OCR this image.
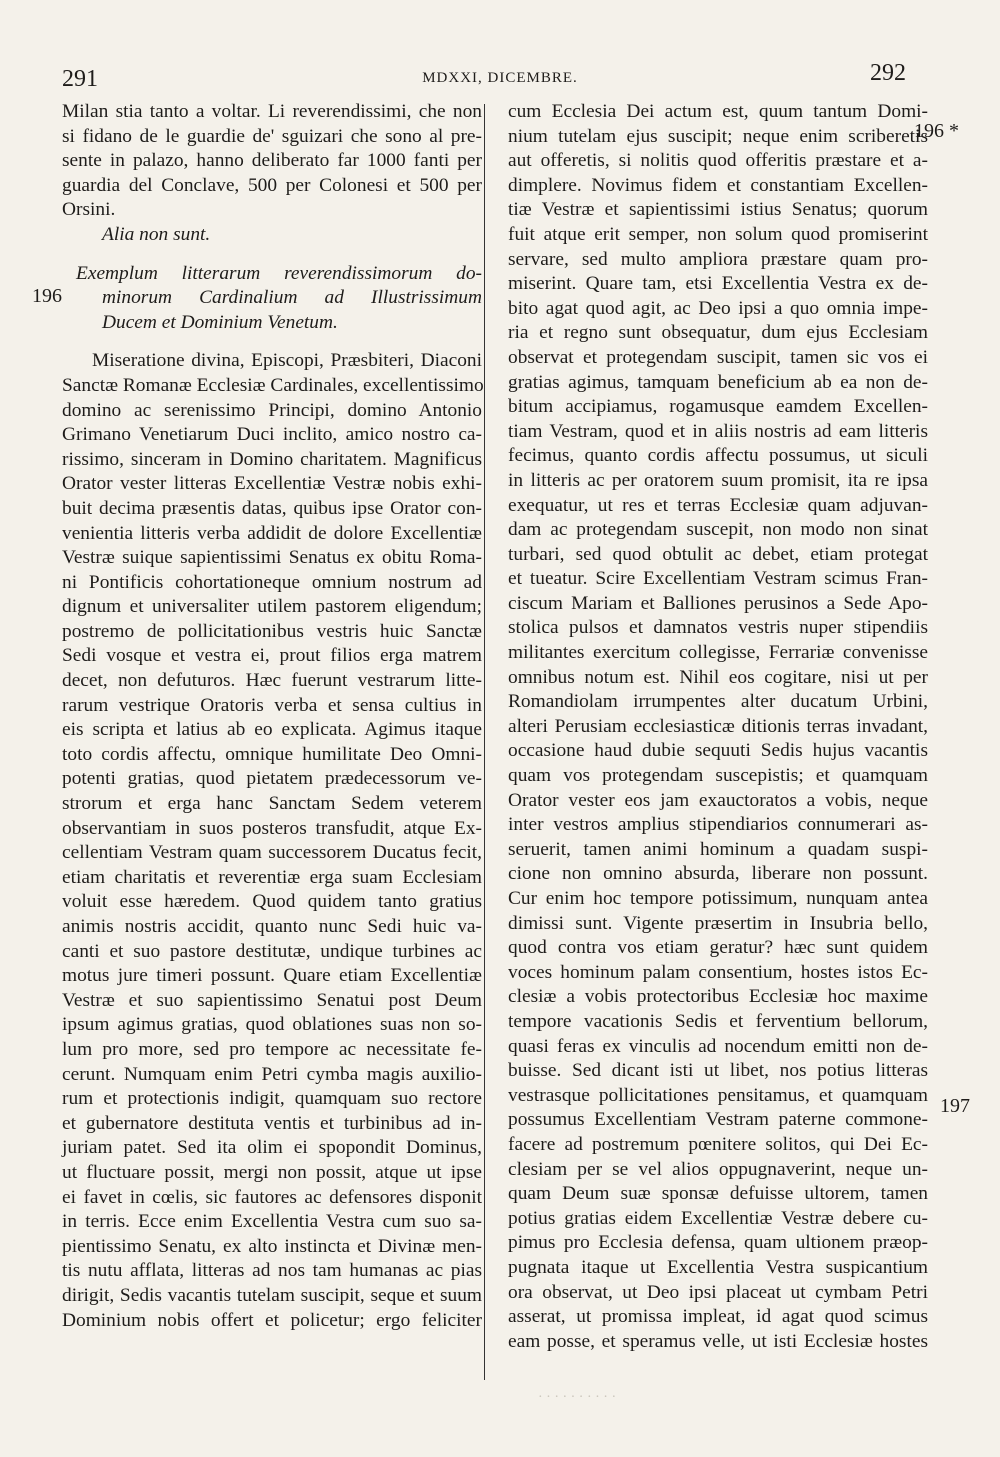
291	MDXXI, DICEMBRE.	292
196
196 *
197
Milan stia tanto a voltar. Li reverendissimi, che non
si fidano de le guardie de' sguizari che sono al pre-
sente in palazo, hanno deliberato far 1000 fanti per
guardia del Conclave, 500 per Colonesi et 500 per
Orsini.
Alia non sunt.
Exemplum litterarum reverendissimorum do-
minorum Cardinalium ad Illustrissimum
Ducem et Dominium Venetum.
Miseratione divina, Episcopi, Præsbiteri, Diaconi
Sanctæ Romanæ Ecclesiæ Cardinales, excellentissimo
domino ac serenissimo Principi, domino Antonio
Grimano Venetiarum Duci inclito, amico nostro ca-
rissimo, sinceram in Domino charitatem. Magnificus
Orator vester litteras Excellentiæ Vestræ nobis exhi-
buit decima præsentis datas, quibus ipse Orator con-
venientia litteris verba addidit de dolore Excellentiæ
Vestræ suique sapientissimi Senatus ex obitu Roma-
ni Pontificis cohortationeque omnium nostrum ad
dignum et universaliter utilem pastorem eligendum;
postremo de pollicitationibus vestris huic Sanctæ
Sedi vosque et vestra ei, prout filios erga matrem
decet, non defuturos. Hæc fuerunt vestrarum litte-
rarum vestrique Oratoris verba et sensa cultius in
eis scripta et latius ab eo explicata. Agimus itaque
toto cordis affectu, omnique humilitate Deo Omni-
potenti gratias, quod pietatem prædecessorum ve-
strorum et erga hanc Sanctam Sedem veterem
observantiam in suos posteros transfudit, atque Ex-
cellentiam Vestram quam successorem Ducatus fecit,
etiam charitatis et reverentiæ erga suam Ecclesiam
voluit esse hæredem. Quod quidem tanto gratius
animis nostris accidit, quanto nunc Sedi huic va-
canti et suo pastore destitutæ, undique turbines ac
motus jure timeri possunt. Quare etiam Excellentiæ
Vestræ et suo sapientissimo Senatui post Deum
ipsum agimus gratias, quod oblationes suas non so-
lum pro more, sed pro tempore ac necessitate fe-
cerunt. Numquam enim Petri cymba magis auxilio-
rum et protectionis indigit, quamquam suo rectore
et gubernatore destituta ventis et turbinibus ad in-
juriam patet. Sed ita olim ei spopondit Dominus,
ut fluctuare possit, mergi non possit, atque ut ipse
ei favet in cœlis, sic fautores ac defensores disponit
in terris. Ecce enim Excellentia Vestra cum suo sa-
pientissimo Senatu, ex alto instincta et Divinæ men-
tis nutu afflata, litteras ad nos tam humanas ac pias
dirigit, Sedis vacantis tutelam suscipit, seque et suum
Dominium nobis offert et policetur; ergo feliciter
cum Ecclesia Dei actum est, quum tantum Domi-
nium tutelam ejus suscipit; neque enim scriberetis
aut offeretis, si nolitis quod offeritis præstare et a-
dimplere. Novimus fidem et constantiam Excellen-
tiæ Vestræ et sapientissimi istius Senatus; quorum
fuit atque erit semper, non solum quod promiserint
servare, sed multo ampliora præstare quam pro-
miserint. Quare tam, etsi Excellentia Vestra ex de-
bito agat quod agit, ac Deo ipsi a quo omnia impe-
ria et regno sunt obsequatur, dum ejus Ecclesiam
observat et protegendam suscipit, tamen sic vos ei
gratias agimus, tamquam beneficium ab ea non de-
bitum accipiamus, rogamusque eamdem Excellen-
tiam Vestram, quod et in aliis nostris ad eam litteris
fecimus, quanto cordis affectu possumus, ut siculi
in litteris ac per oratorem suum promisit, ita re ipsa
exequatur, ut res et terras Ecclesiæ quam adjuvan-
dam ac protegendam suscepit, non modo non sinat
turbari, sed quod obtulit ac debet, etiam protegat
et tueatur. Scire Excellentiam Vestram scimus Fran-
ciscum Mariam et Balliones perusinos a Sede Apo-
stolica pulsos et damnatos vestris nuper stipendiis
militantes exercitum collegisse, Ferrariæ convenisse
omnibus notum est. Nihil eos cogitare, nisi ut per
Romandiolam irrumpentes alter ducatum Urbini,
alteri Perusiam ecclesiasticæ ditionis terras invadant,
occasione haud dubie sequuti Sedis hujus vacantis
quam vos protegendam suscepistis; et quamquam
Orator vester eos jam exauctoratos a vobis, neque
inter vestros amplius stipendiarios connumerari as-
seruerit, tamen animi hominum a quadam suspi-
cione non omnino absurda, liberare non possunt.
Cur enim hoc tempore potissimum, nunquam antea
dimissi sunt. Vigente præsertim in Insubria bello,
quod contra vos etiam geratur? hæc sunt quidem
voces hominum palam consentium, hostes istos Ec-
clesiæ a vobis protectoribus Ecclesiæ hoc maxime
tempore vacationis Sedis et ferventium bellorum,
quasi feras ex vinculis ad nocendum emitti non de-
buisse. Sed dicant isti ut libet, nos potius litteras
vestrasque pollicitationes pensitamus, et quamquam
possumus Excellentiam Vestram paterne commone-
facere ad postremum pœnitere solitos, qui Dei Ec-
clesiam per se vel alios oppugnaverint, neque un-
quam Deum suæ sponsæ defuisse ultorem, tamen
potius gratias eidem Excellentiæ Vestræ debere cu-
pimus pro Ecclesia defensa, quam ultionem præop-
pugnata itaque ut Excellentia Vestra suspicantium
ora observat, ut Deo ipsi placeat ut cymbam Petri
asserat, ut promissa impleat, id agat quod scimus
eam posse, et speramus velle, ut isti Ecclesiæ hostes
· · · · · · · · · ·
